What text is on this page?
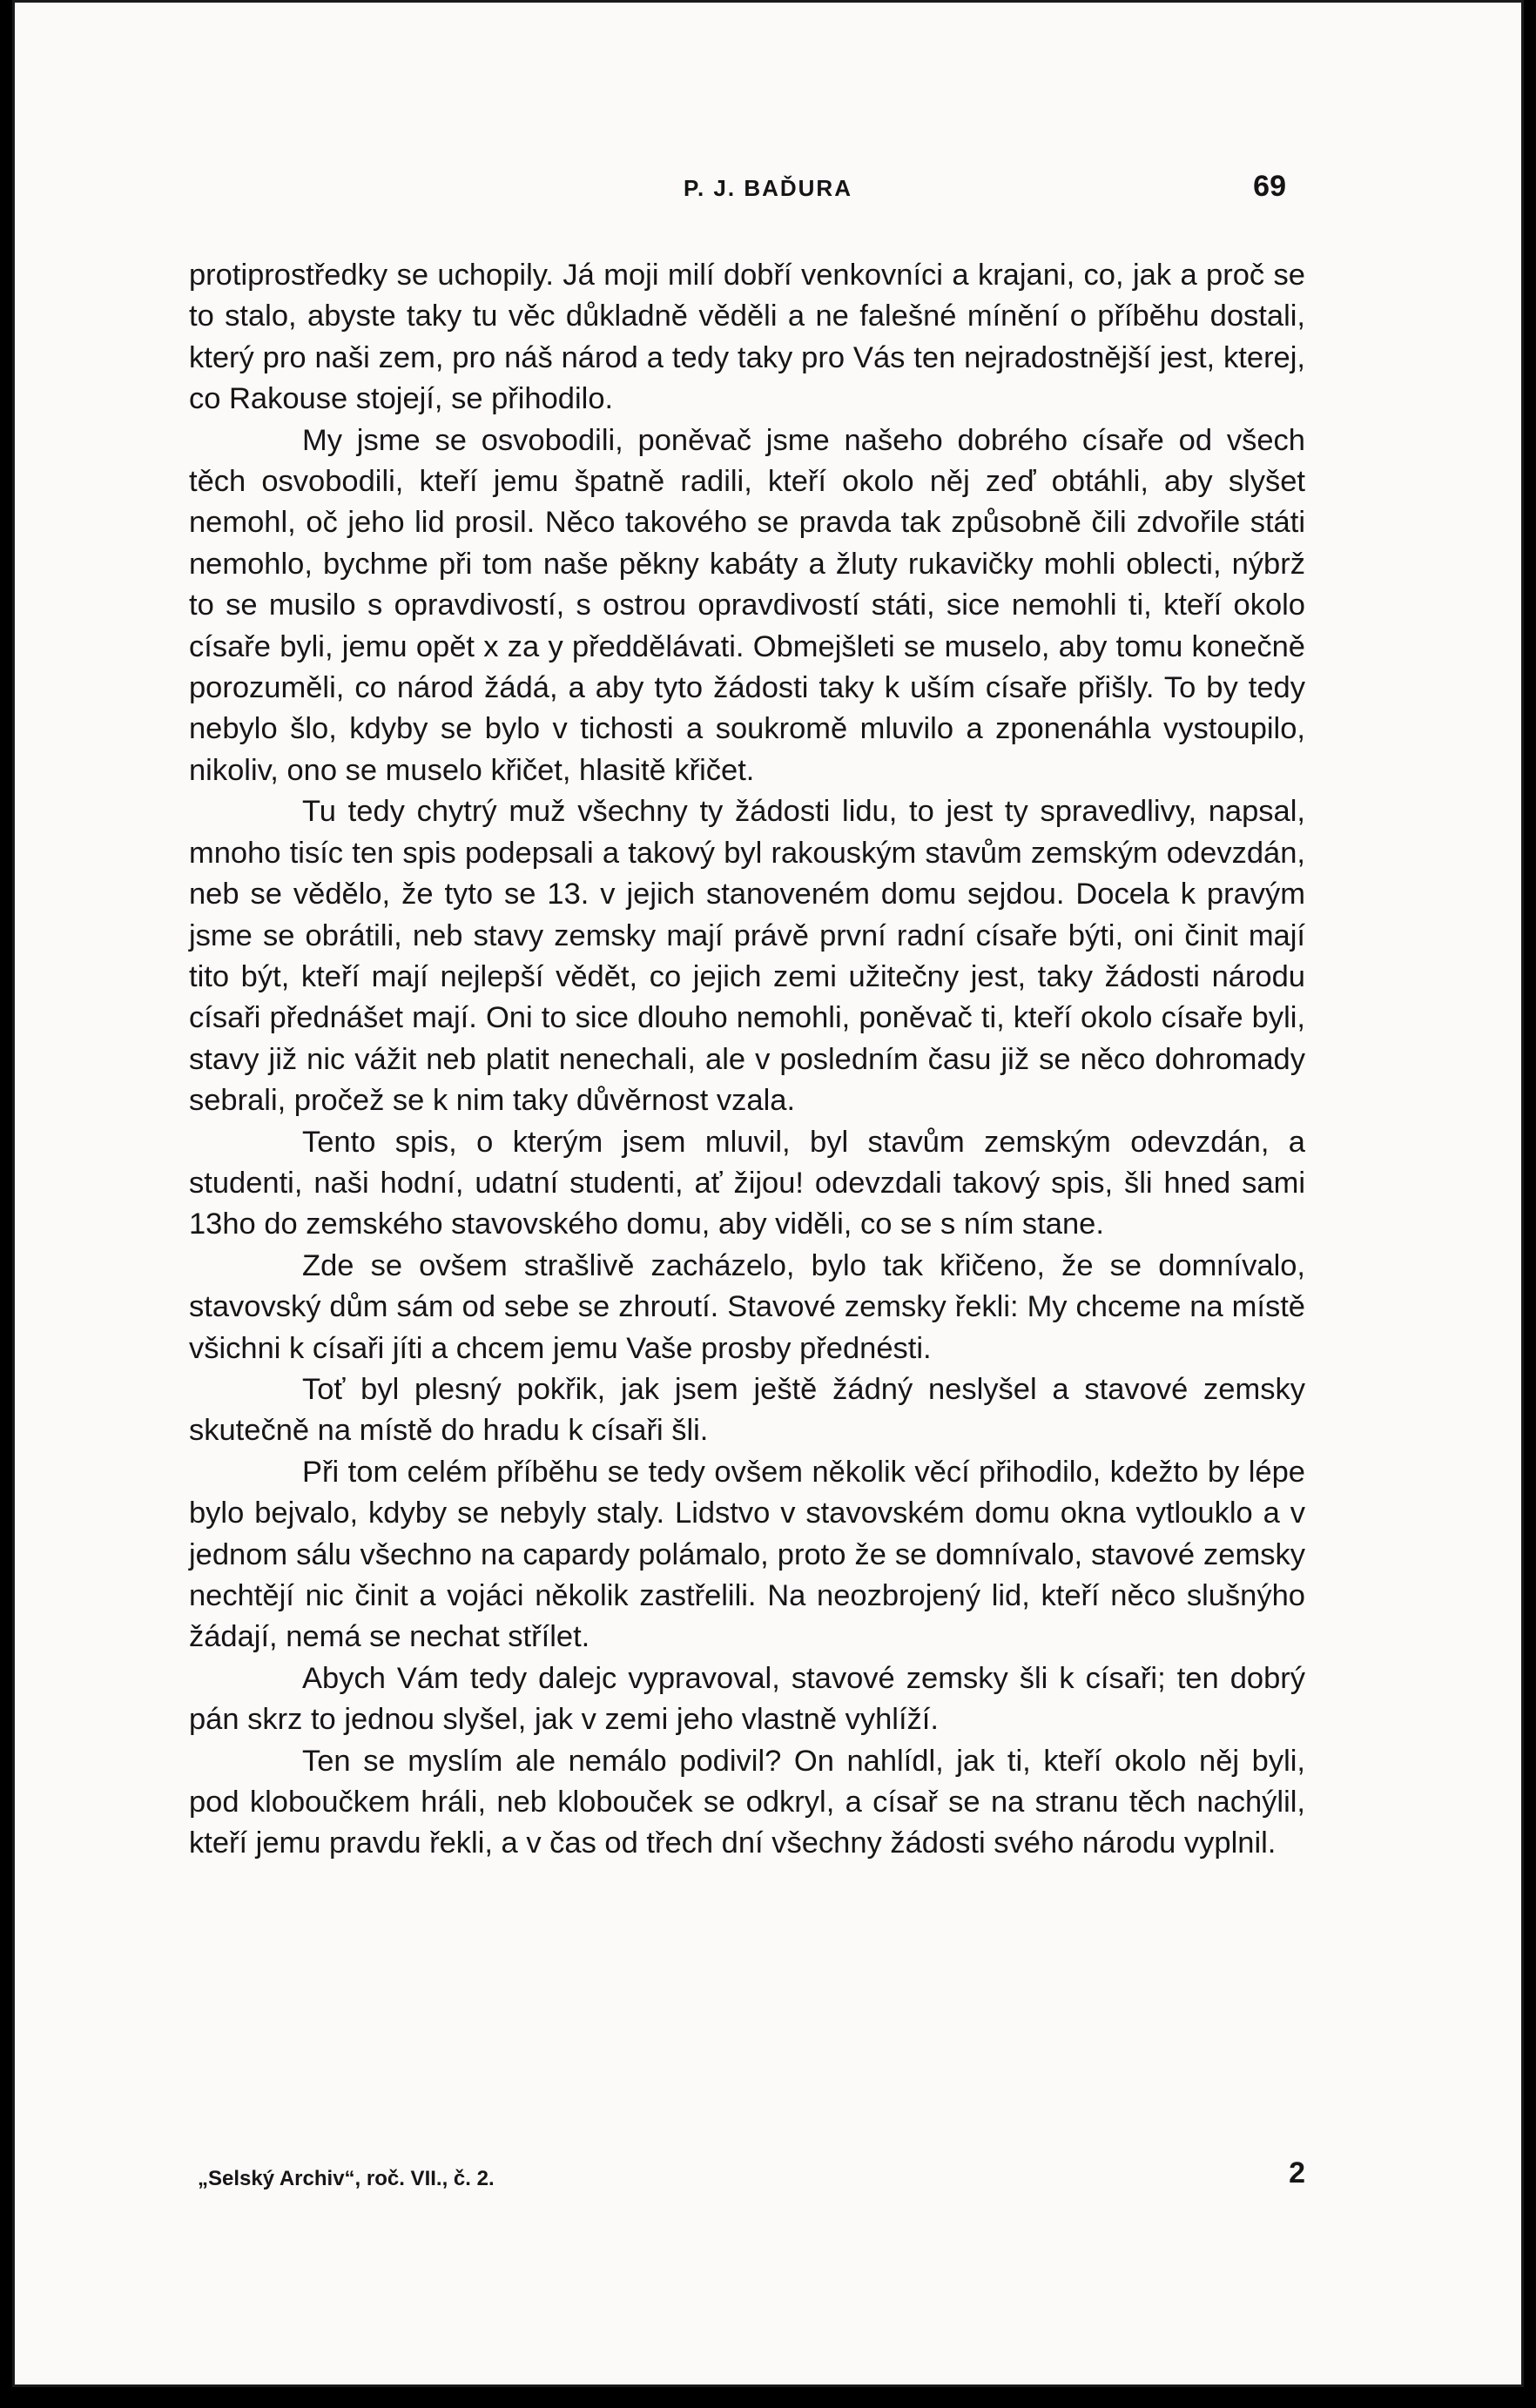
P. J. BAĎURA	69

protiprostředky se uchopily. Já moji milí dobří venkovníci a krajani, co, jak a proč se to stalo, abyste taky tu věc důkladně věděli a ne falešné mínění o příběhu dostali, který pro naši zem, pro náš národ a tedy taky pro Vás ten nejradostnější jest, kterej, co Rakouse stojejí, se přihodilo.

My jsme se osvobodili, poněvač jsme našeho dobrého císaře od všech těch osvobodili, kteří jemu špatně radili, kteří okolo něj zeď obtáhli, aby slyšet nemohl, oč jeho lid prosil. Něco takového se pravda tak způsobně čili zdvořile státi nemohlo, bychme při tom naše pěkny kabáty a žluty rukavičky mohli oblecti, nýbrž to se musilo s opravdivostí, s ostrou opravdivostí státi, sice nemohli ti, kteří okolo císaře byli, jemu opět x za y předdělávati. Obmejšleti se muselo, aby tomu konečně porozuměli, co národ žádá, a aby tyto žádosti taky k uším císaře přišly. To by tedy nebylo šlo, kdyby se bylo v tichosti a soukromě mluvilo a zponenáhla vystoupilo, nikoliv, ono se muselo křičet, hlasitě křičet.

Tu tedy chytrý muž všechny ty žádosti lidu, to jest ty spravedlivy, napsal, mnoho tisíc ten spis podepsali a takový byl rakouským stavům zemským odevzdán, neb se vědělo, že tyto se 13. v jejich stanoveném domu sejdou. Docela k pravým jsme se obrátili, neb stavy zemsky mají právě první radní císaře býti, oni činit mají tito být, kteří mají nejlepší vědět, co jejich zemi užitečny jest, taky žádosti národu císaři přednášet mají. Oni to sice dlouho nemohli, poněvač ti, kteří okolo císaře byli, stavy již nic vážit neb platit nenechali, ale v posledním času již se něco dohromady sebrali, pročež se k nim taky důvěrnost vzala.

Tento spis, o kterým jsem mluvil, byl stavům zemským odevzdán, a studenti, naši hodní, udatní studenti, ať žijou! odevzdali takový spis, šli hned sami 13ho do zemského stavovského domu, aby viděli, co se s ním stane.

Zde se ovšem strašlivě zacházelo, bylo tak křičeno, že se domnívalo, stavovský dům sám od sebe se zhroutí. Stavové zemsky řekli: My chceme na místě všichni k císaři jíti a chcem jemu Vaše prosby přednésti.

Toť byl plesný pokřik, jak jsem ještě žádný neslyšel a stavové zemsky skutečně na místě do hradu k císaři šli.

Při tom celém příběhu se tedy ovšem několik věcí přihodilo, kdežto by lépe bylo bejvalo, kdyby se nebyly staly. Lidstvo v stavovském domu okna vytlouklo a v jednom sálu všechno na capardy polámalo, proto že se domnívalo, stavové zemsky nechtějí nic činit a vojáci několik zastřelili. Na neozbrojený lid, kteří něco slušnýho žádají, nemá se nechat střílet.

Abych Vám tedy dalejc vypravoval, stavové zemsky šli k císaři; ten dobrý pán skrz to jednou slyšel, jak v zemi jeho vlastně vyhlíží.

Ten se myslím ale nemálo podivil? On nahlídl, jak ti, kteří okolo něj byli, pod kloboučkem hráli, neb klobouček se odkryl, a císař se na stranu těch nachýlil, kteří jemu pravdu řekli, a v čas od třech dní všechny žádosti svého národu vyplnil.

„Selský Archiv“, roč. VII., č. 2.	2
